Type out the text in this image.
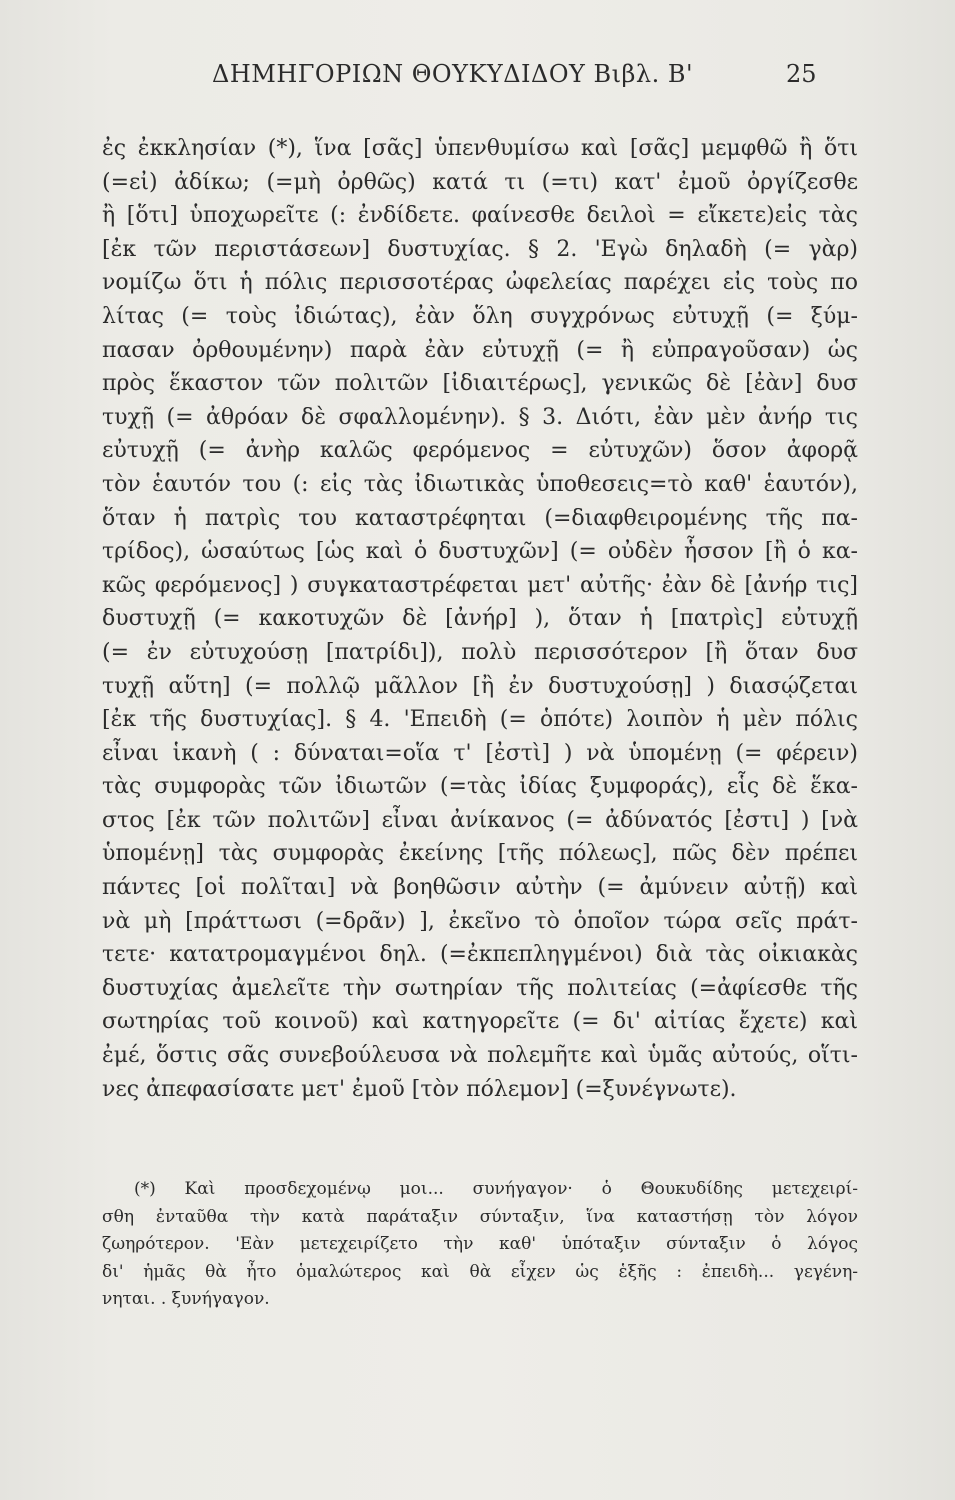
ΔΗΜΗΓΟΡΙΩΝ ΘΟΥΚΥΔΙΔΟΥ Βιβλ. Β'	25
ἐς ἐκκλησίαν (*), ἵνα [σᾶς] ὑπενθυμίσω καὶ [σᾶς] μεμφθῶ ἢ ὅτι
(=εἰ) ἀδίκω; (=μὴ ὀρθῶς) κατά τι (=τι) κατ' ἐμοῦ ὀργίζεσθε
ἢ [ὅτι] ὑποχωρεῖτε (: ἐνδίδετε. φαίνεσθε δειλοὶ = εἴκετε)εἰς τὰς
[ἐκ τῶν περιστάσεων] δυστυχίας. § 2. 'Εγὼ δηλαδὴ (= γὰρ)
νομίζω ὅτι ἡ πόλις περισσοτέρας ὠφελείας παρέχει εἰς τοὺς πο
λίτας (= τοὺς ἰδιώτας), ἐὰν ὅλη συγχρόνως εὐτυχῇ (= ξύμ-
πασαν ὀρθουμένην) παρὰ ἐὰν εὐτυχῇ (= ἢ εὐπραγοῦσαν) ὡς
πρὸς ἕκαστον τῶν πολιτῶν [ἰδιαιτέρως], γενικῶς δὲ [ἐὰν] δυσ
τυχῇ (= ἀθρόαν δὲ σφαλλομένην). § 3. Διότι, ἐὰν μὲν ἀνήρ τις
εὐτυχῇ (= ἀνὴρ καλῶς φερόμενος = εὐτυχῶν) ὅσον ἀφορᾷ
τὸν ἑαυτόν του (: εἰς τὰς ἰδιωτικὰς ὑποθεσεις=τὸ καθ' ἑαυτόν),
ὅταν ἡ πατρὶς του καταστρέφηται (=διαφθειρομένης τῆς πα-
τρίδος), ὡσαύτως [ὡς καὶ ὁ δυστυχῶν] (= οὐδὲν ἧσσον [ἢ ὁ κα-
κῶς φερόμενος] ) συγκαταστρέφεται μετ' αὐτῆς· ἐὰν δὲ [ἀνήρ τις]
δυστυχῇ (= κακοτυχῶν δὲ [ἀνήρ] ), ὅταν ἡ [πατρὶς] εὐτυχῇ
(= ἐν εὐτυχούσῃ [πατρίδι]), πολὺ περισσότερον [ἢ ὅταν δυσ
τυχῇ αὕτη] (= πολλῷ μᾶλλον [ἢ ἐν δυστυχούσῃ] ) διασῴζεται
[ἐκ τῆς δυστυχίας]. § 4. 'Επειδὴ (= ὁπότε) λοιπὸν ἡ μὲν πόλις
εἶναι ἱκανὴ ( : δύναται=οἵα τ' [ἐστὶ] ) νὰ ὑπομένῃ (= φέρειν)
τὰς συμφορὰς τῶν ἰδιωτῶν (=τὰς ἰδίας ξυμφοράς), εἷς δὲ ἕκα-
στος [ἐκ τῶν πολιτῶν] εἶναι ἀνίκανος (= ἀδύνατός [ἐστι] ) [νὰ
ὑπομένῃ] τὰς συμφορὰς ἐκείνης [τῆς πόλεως], πῶς δὲν πρέπει
πάντες [οἱ πολῖται] νὰ βοηθῶσιν αὐτὴν (= ἀμύνειν αὐτῇ) καὶ
νὰ μὴ [πράττωσι (=δρᾶν) ], ἐκεῖνο τὸ ὁποῖον τώρα σεῖς πράτ-
τετε· κατατρομαγμένοι δηλ. (=ἐκπεπληγμένοι) διὰ τὰς οἰκιακὰς
δυστυχίας ἀμελεῖτε τὴν σωτηρίαν τῆς πολιτείας (=ἀφίεσθε τῆς
σωτηρίας τοῦ κοινοῦ) καὶ κατηγορεῖτε (= δι' αἰτίας ἔχετε) καὶ
ἐμέ, ὅστις σᾶς συνεβούλευσα νὰ πολεμῆτε καὶ ὑμᾶς αὐτούς, οἵτι-
νες ἀπεφασίσατε μετ' ἐμοῦ [τὸν πόλεμον] (=ξυνέγνωτε).
(*) Καὶ προσδεχομένῳ μοι... συνήγαγον· ὁ Θουκυδίδης μετεχειρί-
σθη ἐνταῦθα τὴν κατὰ παράταξιν σύνταξιν, ἵνα καταστήσῃ τὸν λόγον
ζωηρότερον. 'Εὰν μετεχειρίζετο τὴν καθ' ὑπόταξιν σύνταξιν ὁ λόγος
δι' ἡμᾶς θὰ ἦτο ὁμαλώτερος καὶ θὰ εἶχεν ὡς ἑξῆς : ἐπειδὴ... γεγένη-
νηται. . ξυνήγαγον.
